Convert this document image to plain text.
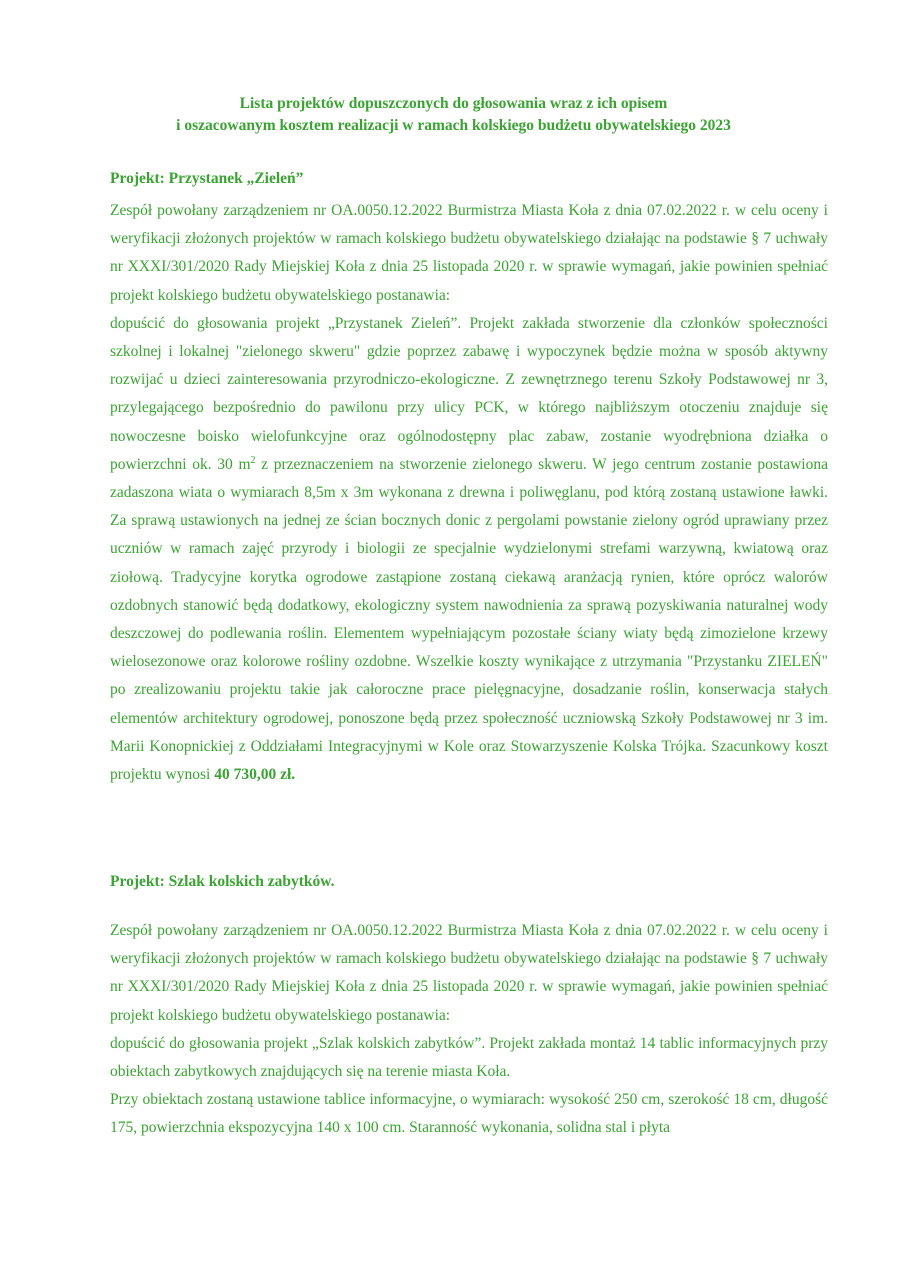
Lista projektów dopuszczonych do głosowania wraz z ich opisem
i oszacowanym kosztem realizacji w ramach kolskiego budżetu obywatelskiego 2023
Projekt: Przystanek „Zieleń”

Zespół powołany zarządzeniem nr OA.0050.12.2022 Burmistrza Miasta Koła z dnia 07.02.2022 r. w celu oceny i weryfikacji złożonych projektów w ramach kolskiego budżetu obywatelskiego działając na podstawie § 7 uchwały nr XXXI/301/2020 Rady Miejskiej Koła z dnia 25 listopada 2020 r. w sprawie wymagań, jakie powinien spełniać projekt kolskiego budżetu obywatelskiego postanawia:

dopuścić do głosowania projekt „Przystanek Zieleń”. Projekt zakłada stworzenie dla członków społeczności szkolnej i lokalnej "zielonego skweru" gdzie poprzez zabawę i wypoczynek będzie można w sposób aktywny rozwijać u dzieci zainteresowania przyrodniczo-ekologiczne. Z zewnętrznego terenu Szkoły Podstawowej nr 3, przylegającego bezpośrednio do pawilonu przy ulicy PCK, w którego najbliższym otoczeniu znajduje się nowoczesne boisko wielofunkcyjne oraz ogólnodostępny plac zabaw, zostanie wyodrębniona działka o powierzchni ok. 30 $m^2$ z przeznaczeniem na stworzenie zielonego skweru. W jego centrum zostanie postawiona zadaszona wiata o wymiarach 8,5m x 3m wykonana z drewna i poliwęglanu, pod którą zostaną ustawione ławki. Za sprawą ustawionych na jednej ze ścian bocznych donic z pergolami powstanie zielony ogród uprawiany przez uczniów w ramach zajęć przyrody i biologii ze specjalnie wydzielonymi strefami warzywną, kwiatową oraz ziołową. Tradycyjne korytka ogrodowe zastąpione zostaną ciekawą aranżacją rynien, które oprócz walorów ozdobnych stanowić będą dodatkowy, ekologiczny system nawodnienia za sprawą pozyskiwania naturalnej wody deszczowej do podlewania roślin. Elementem wypełniającym pozostałe ściany wiaty będą zimozielone krzewy wielosezonowe oraz kolorowe rośliny ozdobne. Wszelkie koszty wynikające z utrzymania "Przystanku ZIELEŃ" po zrealizowaniu projektu takie jak całoroczne prace pielęgnacyjne, dosadzanie roślin, konserwacja stałych elementów architektury ogrodowej, ponoszone będą przez społeczność uczniowską Szkoły Podstawowej nr 3 im. Marii Konopnickiej z Oddziałami Integracyjnymi w Kole oraz Stowarzyszenie Kolska Trójka. Szacunkowy koszt projektu wynosi 40 730,00 zł.

Projekt: Szlak kolskich zabytków.

Zespół powołany zarządzeniem nr OA.0050.12.2022 Burmistrza Miasta Koła z dnia 07.02.2022 r. w celu oceny i weryfikacji złożonych projektów w ramach kolskiego budżetu obywatelskiego działając na podstawie § 7 uchwały nr XXXI/301/2020 Rady Miejskiej Koła z dnia 25 listopada 2020 r. w sprawie wymagań, jakie powinien spełniać projekt kolskiego budżetu obywatelskiego postanawia:

dopuścić do głosowania projekt „Szlak kolskich zabytków”. Projekt zakłada montaż 14 tablic informacyjnych przy obiektach zabytkowych znajdujących się na terenie miasta Koła.

Przy obiektach zostaną ustawione tablice informacyjne, o wymiarach: wysokość 250 cm, szerokość 18 cm, długość 175, powierzchnia ekspozycyjna 140 x 100 cm. Staranność wykonania, solidna stal i płyta
